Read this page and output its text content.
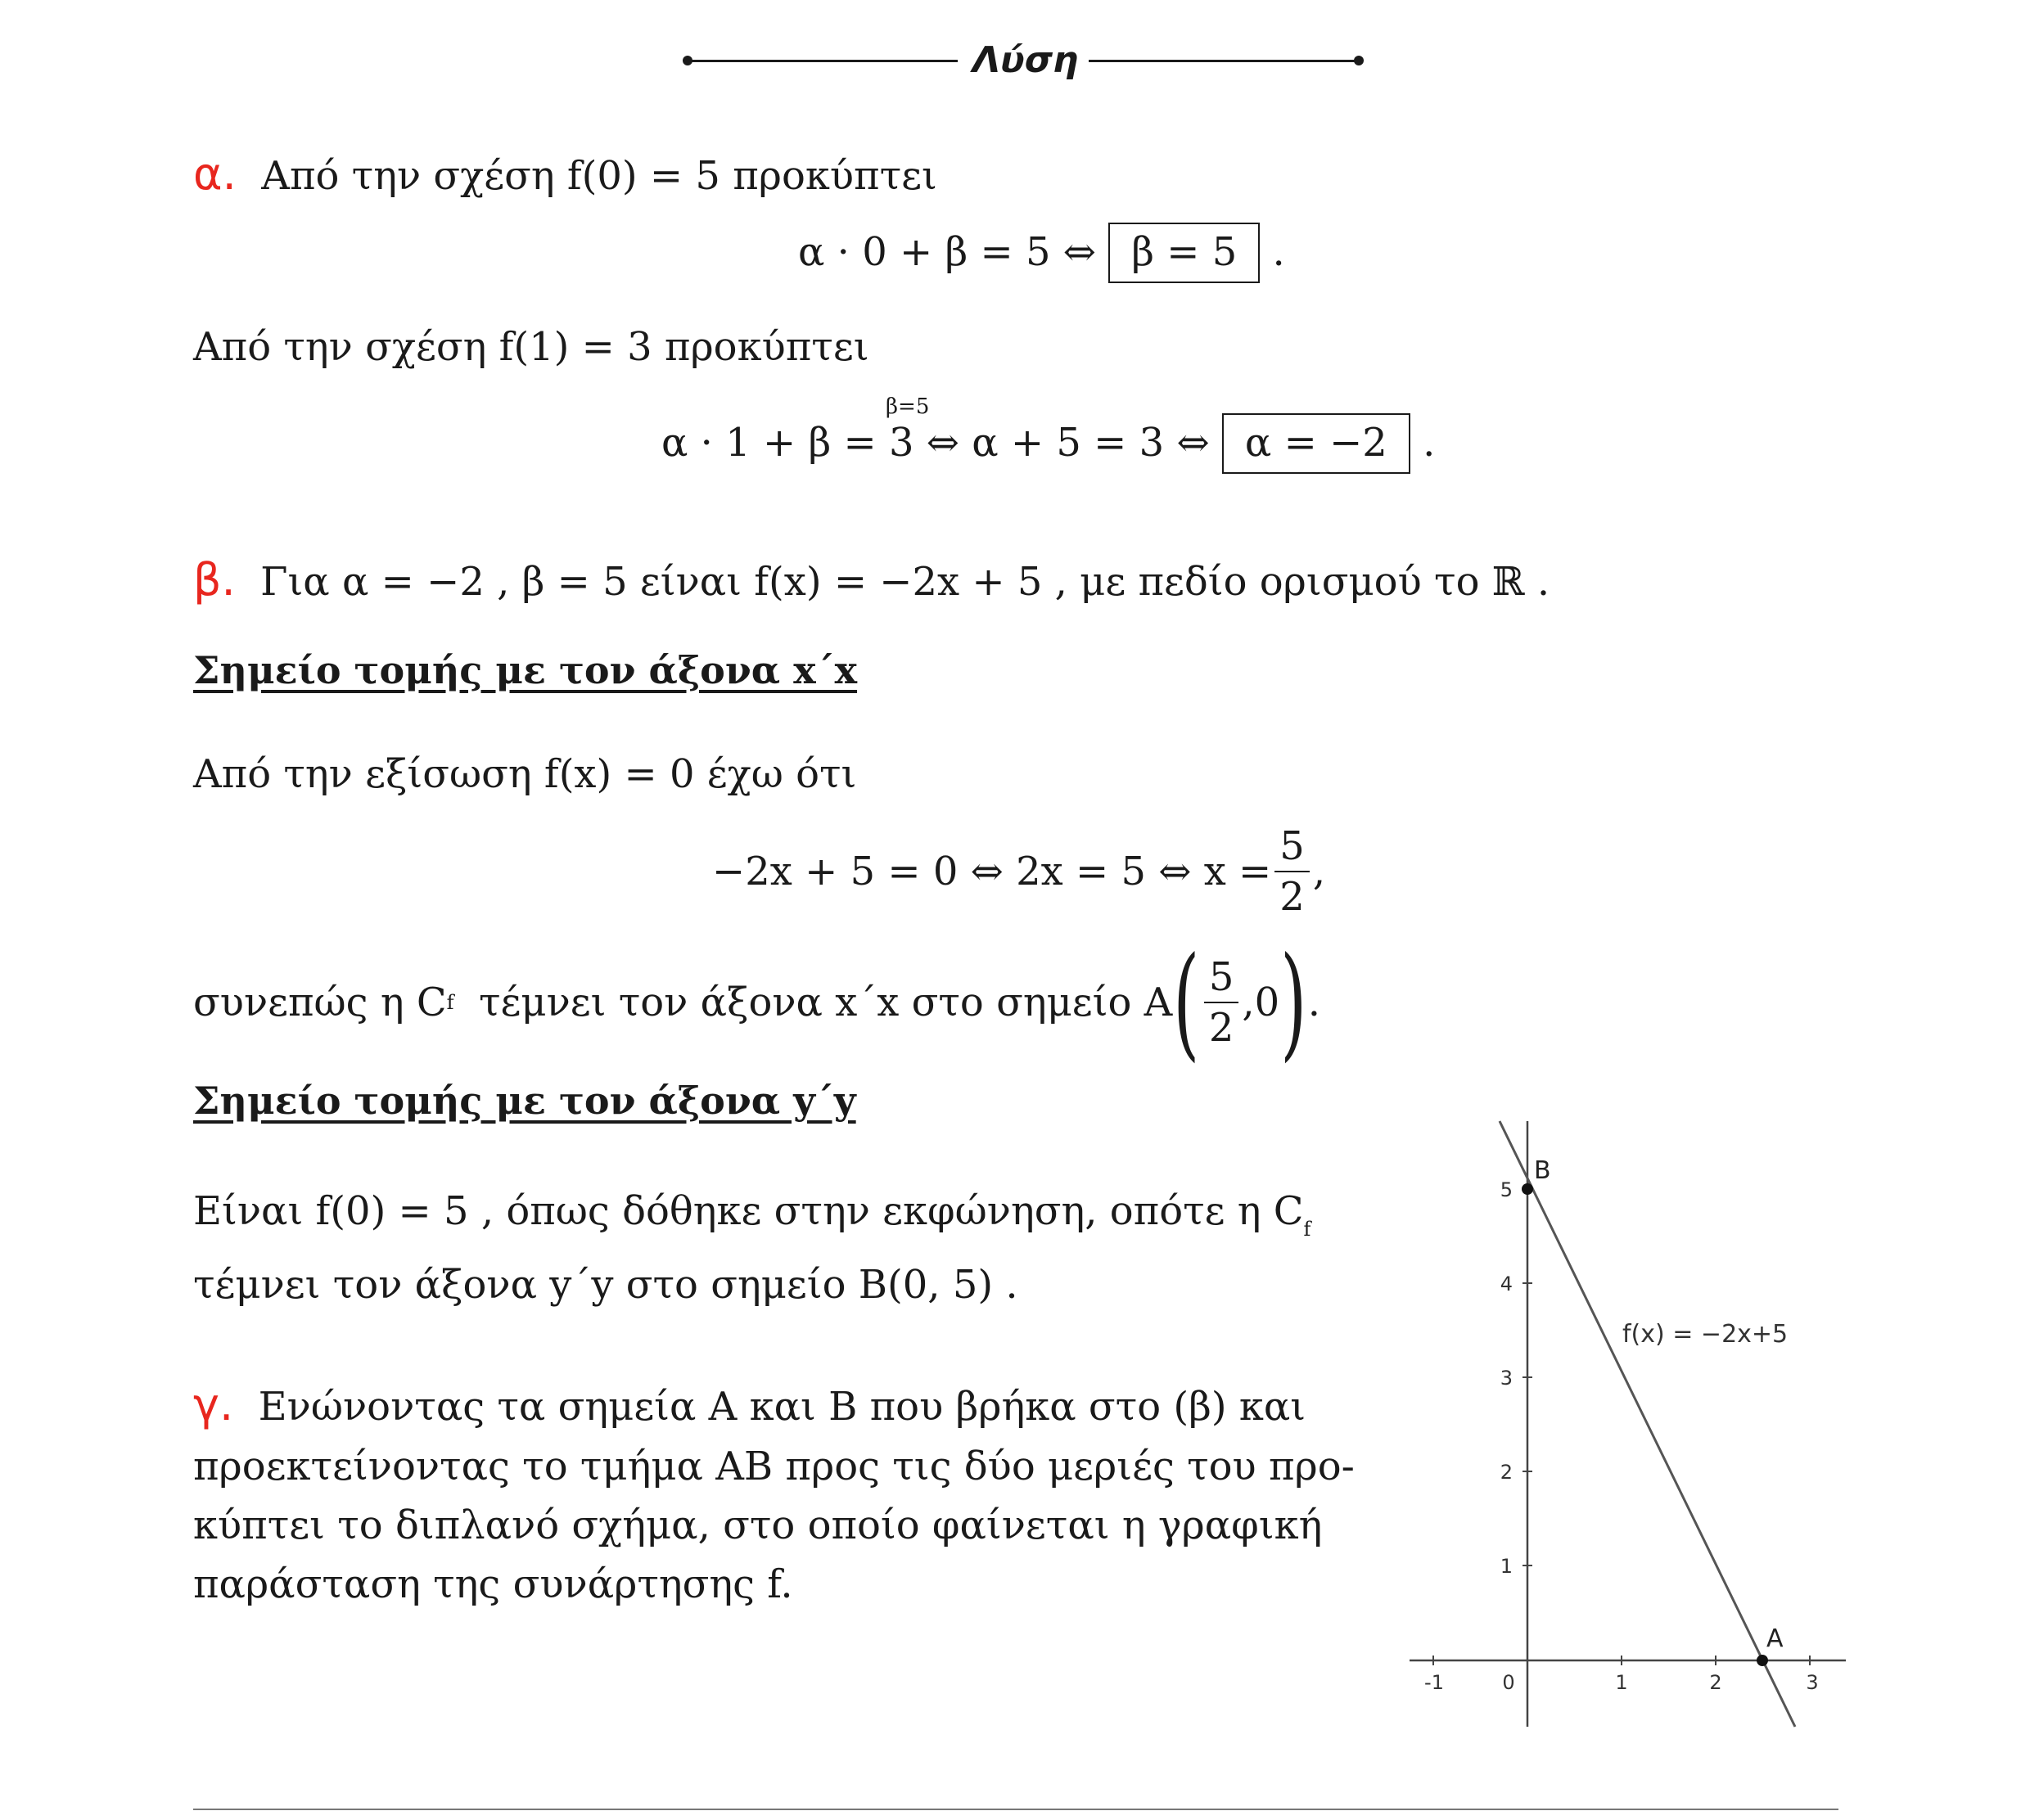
Λύση
α. Από την σχέση f(0) = 5 προκύπτει
α · 0 + β = 5 ⇔ β = 5 .
Από την σχέση f(1) = 3 προκύπτει
β=5
α · 1 + β = 3 ⇔ α + 5 = 3 ⇔ α = −2 .
β. Για α = −2 , β = 5 είναι f(x) = −2x + 5 , με πεδίο ορισμού το ℝ .
Σημείο τομής με τον άξονα x΄x
Από την εξίσωση f(x) = 0 έχω ότι
−2x + 5 = 0 ⇔ 2x = 5 ⇔ $x = \frac{5}{2}$ ,
συνεπώς η C f τέμνει τον άξονα x΄x στο σημείο A ( $\frac{5}{2} ,0$ ) .
Σημείο τομής με τον άξονα y΄y
Είναι f(0) = 5 , όπως δόθηκε στην εκφώνηση, οπότε η $C_f$
τέμνει τον άξονα y΄y στο σημείο B(0, 5) .
γ. Ενώνοντας τα σημεία A και B που βρήκα στο (β) και
προεκτείνοντας το τμήμα AB προς τις δύο μεριές του προ-
κύπτει το διπλανό σχήμα, στο οποίο φαίνεται η γραφική
παράσταση της συνάρτησης f.
-1	0	1	2	3
1
2
3
4
5
B
A
f(x) = −2x+5
